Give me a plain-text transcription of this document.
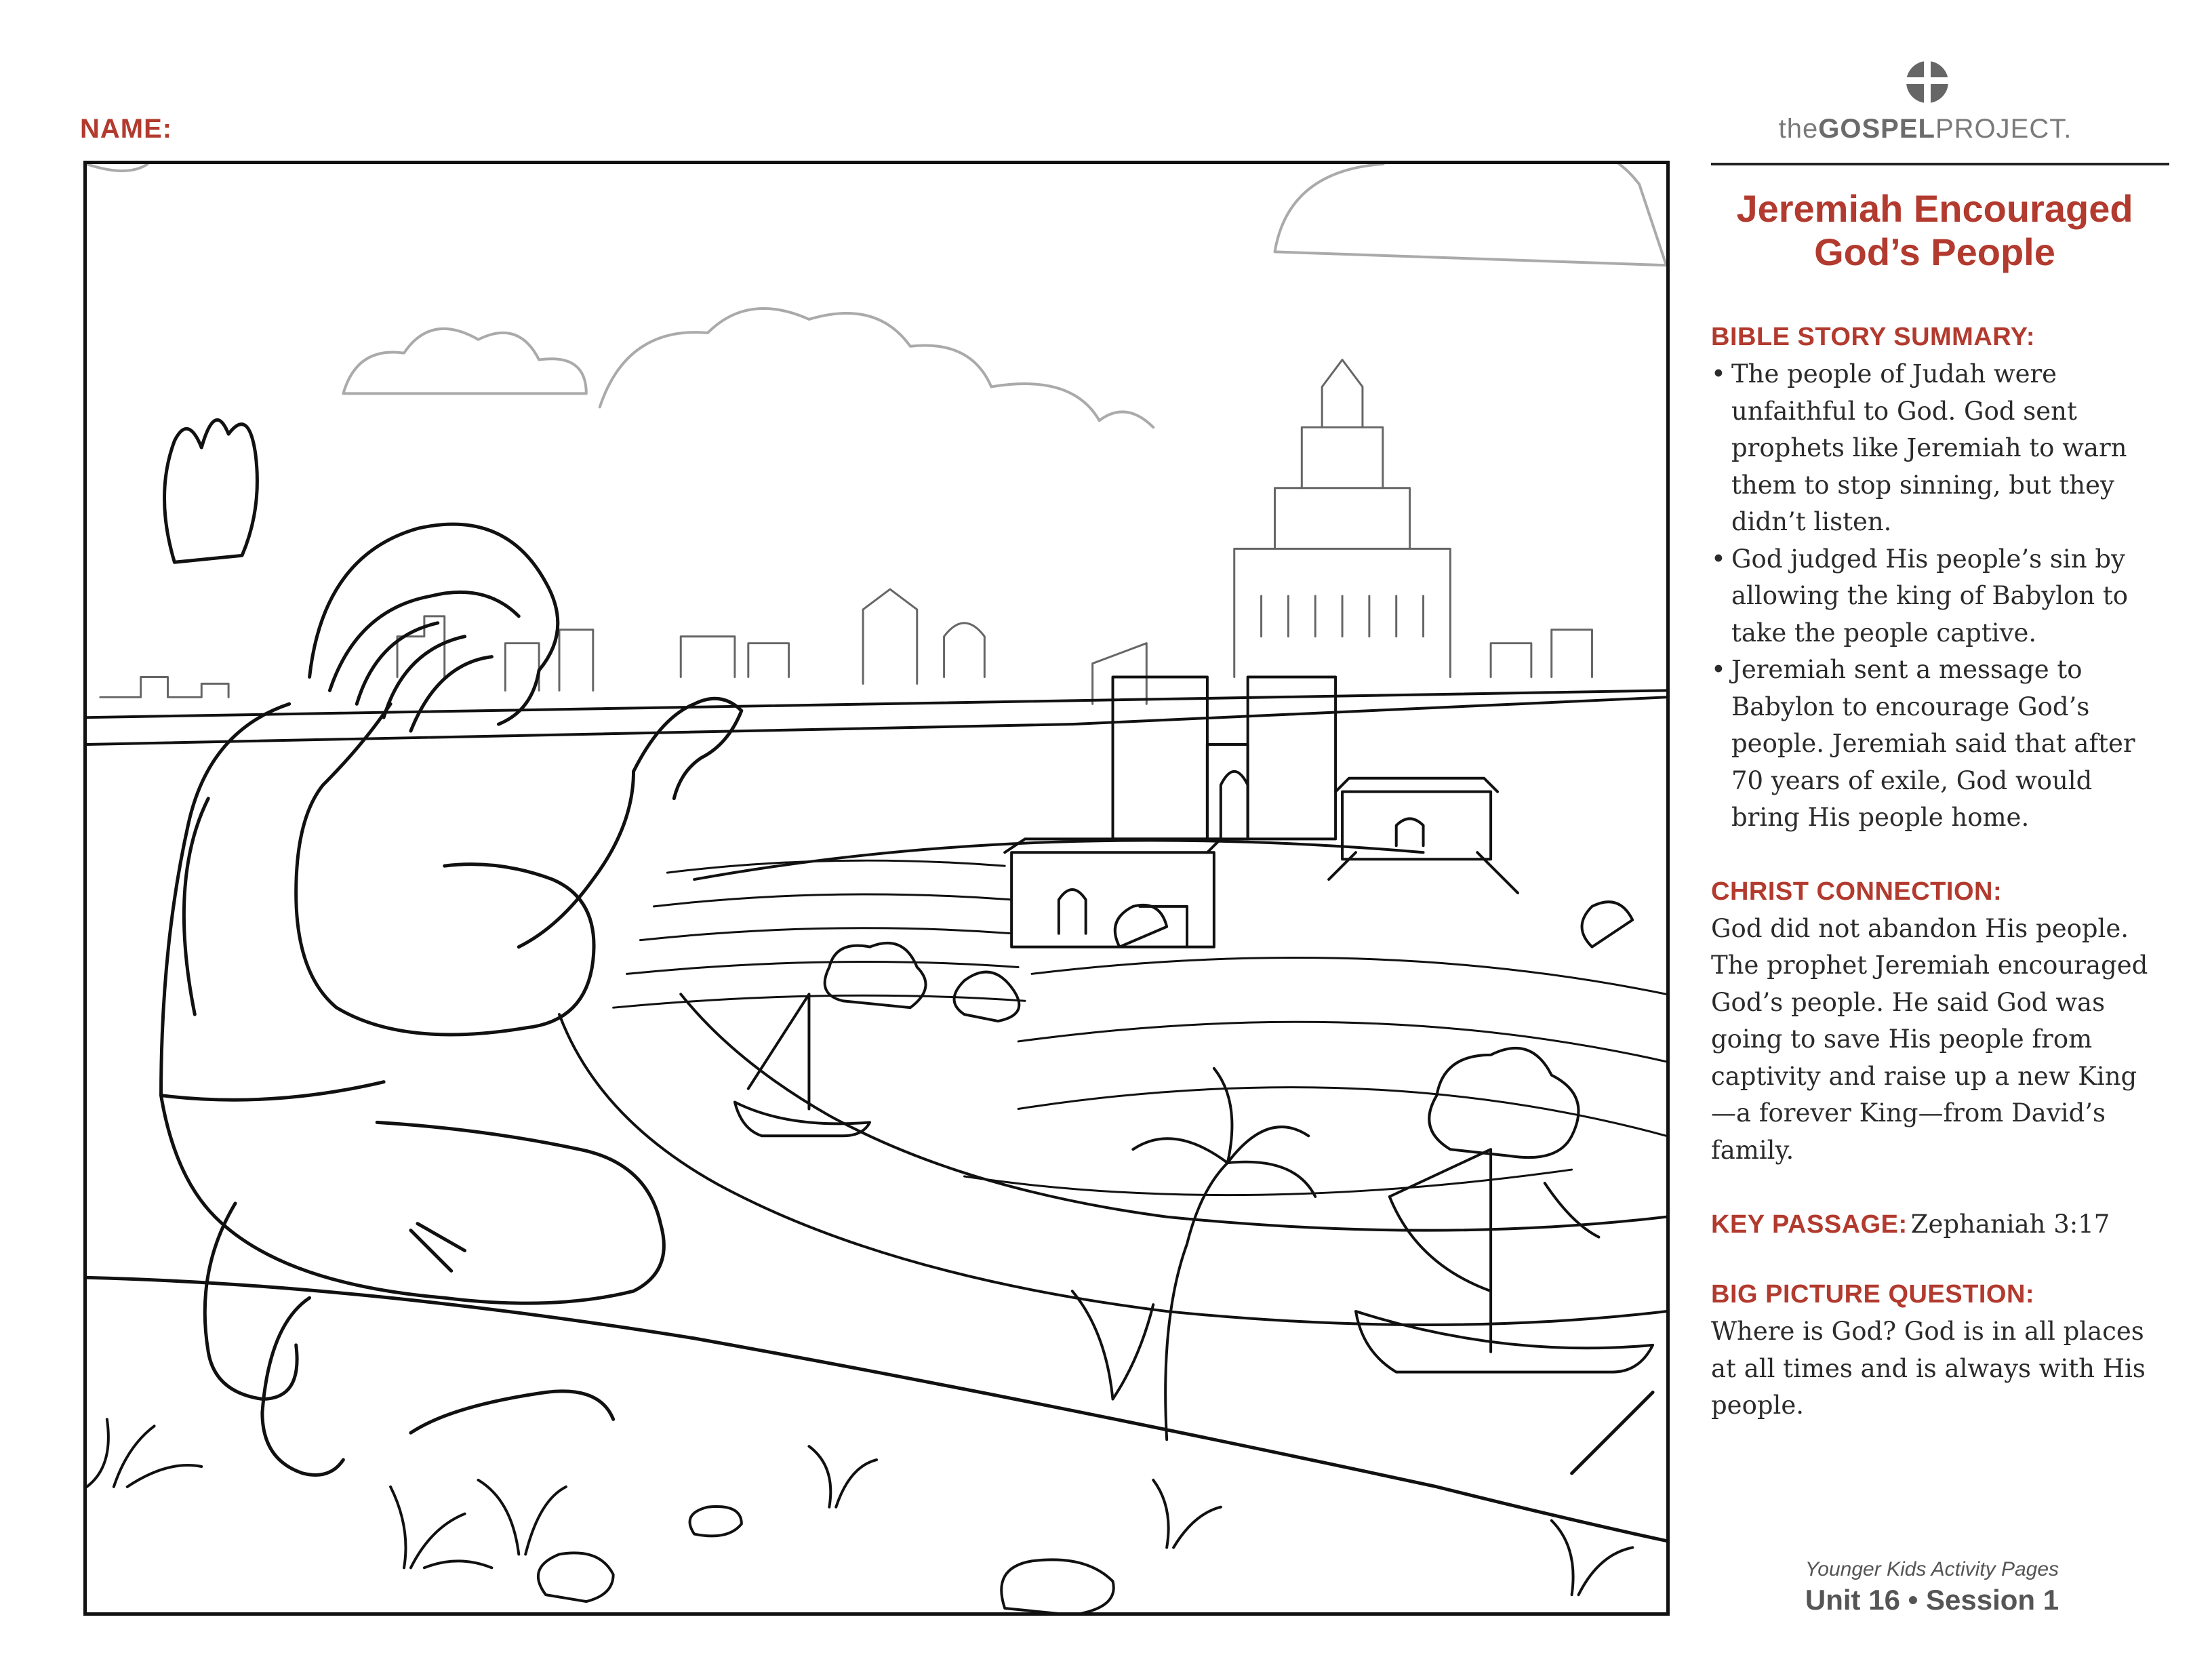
NAME:	theGOSPELPROJECT.
Jeremiah Encouraged
God’s People
BIBLE STORY SUMMARY:
• The people of Judah were unfaithful to God. God sent prophets like Jeremiah to warn them to stop sinning, but they didn’t listen.
• God judged His people’s sin by allowing the king of Babylon to take the people captive.
• Jeremiah sent a message to Babylon to encourage God’s people. Jeremiah said that after 70 years of exile, God would bring His people home.
CHRIST CONNECTION:
God did not abandon His people. The prophet Jeremiah encouraged God’s people. He said God was going to save His people from captivity and raise up a new King—a forever King—from David’s family.
KEY PASSAGE: Zephaniah 3:17
BIG PICTURE QUESTION:
Where is God? God is in all places at all times and is always with His people.
Younger Kids Activity Pages
Unit 16 • Session 1
